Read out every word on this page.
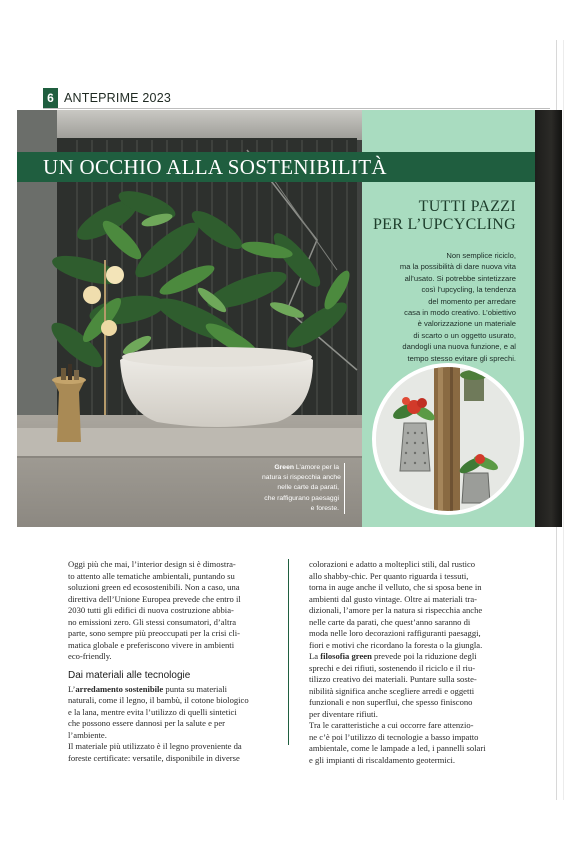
6 ANTEPRIME 2023
UN OCCHIO ALLA SOSTENIBILITÀ
TUTTI PAZZI
PER L’UPCYCLING
Non semplice riciclo,
ma la possibilità di dare nuova vita
all’usato. Si potrebbe sintetizzare
così l’upcycling, la tendenza
del momento per arredare
casa in modo creativo. L’obiettivo
è valorizzazione un materiale
di scarto o un oggetto usurato,
dandogli una nuova funzione, e al
tempo stesso evitare gli sprechi.
Green L’amore per la
natura si rispecchia anche
nelle carte da parati,
che raffigurano paesaggi
e foreste.
Oggi più che mai, l’interior design si è dimostra-
to attento alle tematiche ambientali, puntando su
soluzioni green ed ecosostenibili. Non a caso, una
direttiva dell’Unione Europea prevede che entro il
2030 tutti gli edifici di nuova costruzione abbia-
no emissioni zero. Gli stessi consumatori, d’altra
parte, sono sempre più preoccupati per la crisi cli-
matica globale e preferiscono vivere in ambienti
eco-friendly.
Dai materiali alle tecnologie
L’arredamento sostenibile punta su materiali
naturali, come il legno, il bambù, il cotone biologico
e la lana, mentre evita l’utilizzo di quelli sintetici
che possono essere dannosi per la salute e per
l’ambiente.
Il materiale più utilizzato è il legno proveniente da
foreste certificate: versatile, disponibile in diverse
colorazioni e adatto a molteplici stili, dal rustico
allo shabby-chic. Per quanto riguarda i tessuti,
torna in auge anche il velluto, che si sposa bene in
ambienti dal gusto vintage. Oltre ai materiali tra-
dizionali, l’amore per la natura si rispecchia anche
nelle carte da parati, che quest’anno saranno di
moda nelle loro decorazioni raffiguranti paesaggi,
fiori e motivi che ricordano la foresta o la giungla.
La filosofia green prevede poi la riduzione degli
sprechi e dei rifiuti, sostenendo il riciclo e il riu-
tilizzo creativo dei materiali. Puntare sulla soste-
nibilità significa anche scegliere arredi e oggetti
funzionali e non superflui, che spesso finiscono
per diventare rifiuti.
Tra le caratteristiche a cui occorre fare attenzio-
ne c’è poi l’utilizzo di tecnologie a basso impatto
ambientale, come le lampade a led, i pannelli solari
e gli impianti di riscaldamento geotermici.
